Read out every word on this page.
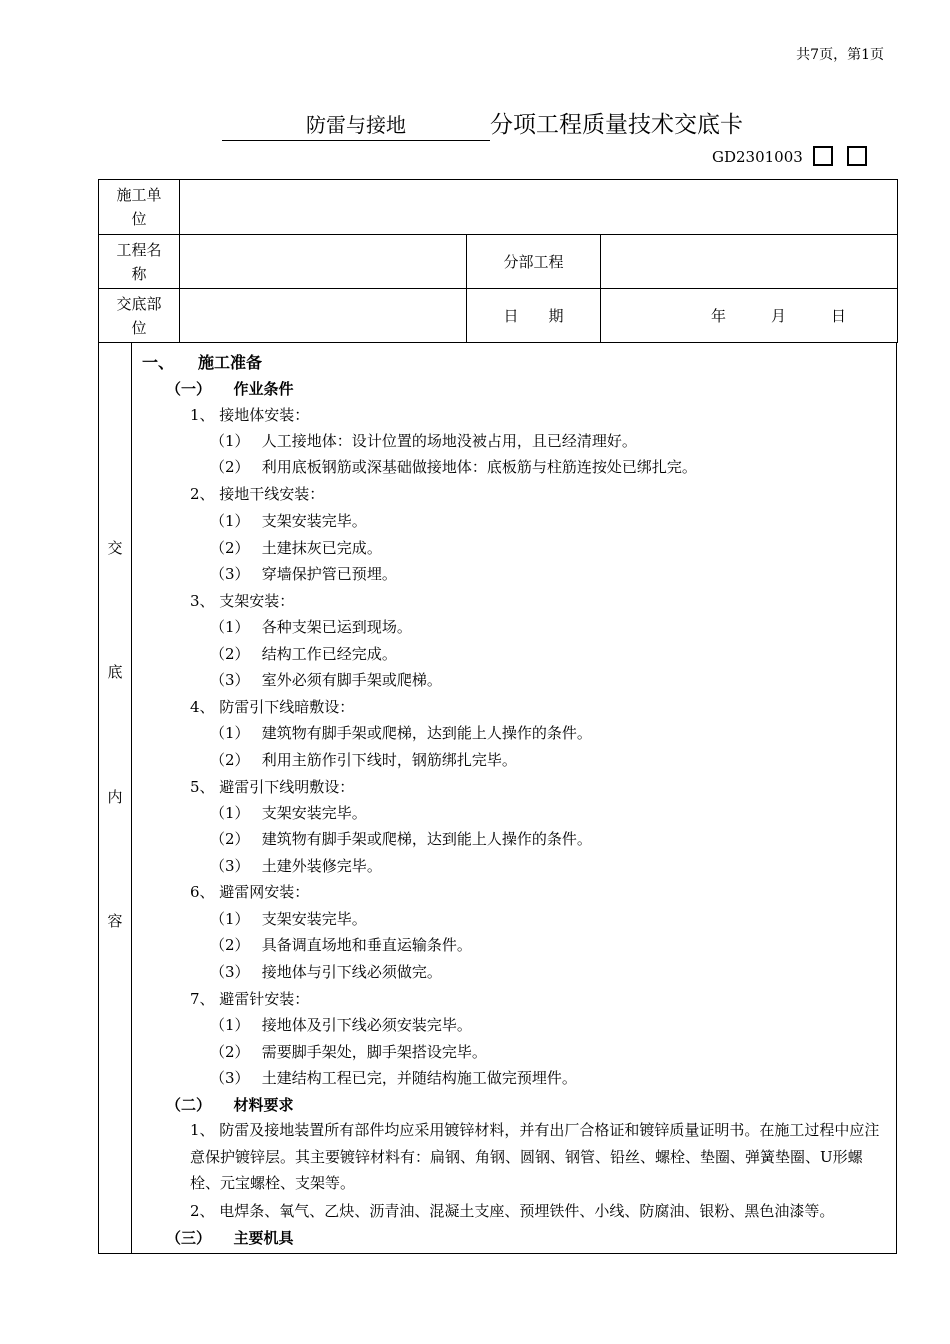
共7页，第1页
防雷与接地	分项工程质量技术交底卡
GD2301003
施工单位			

工程名称		分部工程	

交底部位		日　　期	年　　　月　　　日
交
底
内
容
一、　　施工准备
（一）　　作业条件
1、 接地体安装：
（1）　 人工接地体：设计位置的场地没被占用，且已经清理好。
（2）　 利用底板钢筋或深基础做接地体：底板筋与柱筋连按处已绑扎完。
2、 接地干线安装：
（1）　 支架安装完毕。
（2）　 土建抹灰已完成。
（3）　 穿墙保护管已预埋。
3、 支架安装：
（1）　 各种支架已运到现场。
（2）　 结构工作已经完成。
（3）　 室外必须有脚手架或爬梯。
4、 防雷引下线暗敷设：
（1）　 建筑物有脚手架或爬梯，达到能上人操作的条件。
（2）　 利用主筋作引下线时，钢筋绑扎完毕。
5、 避雷引下线明敷设：
（1）　 支架安装完毕。
（2）　 建筑物有脚手架或爬梯，达到能上人操作的条件。
（3）　 土建外装修完毕。
6、 避雷网安装：
（1）　 支架安装完毕。
（2）　 具备调直场地和垂直运输条件。
（3）　 接地体与引下线必须做完。
7、 避雷针安装：
（1）　 接地体及引下线必须安装完毕。
（2）　 需要脚手架处，脚手架搭设完毕。
（3）　 土建结构工程已完，并随结构施工做完预埋件。
（二）　　材料要求
1、 防雷及接地装置所有部件均应采用镀锌材料，并有出厂合格证和镀锌质量证明书。在施工过程中应注意保护镀锌层。其主要镀锌材料有：扁钢、角钢、圆钢、钢管、铅丝、螺栓、垫圈、弹簧垫圈、U形螺栓、元宝螺栓、支架等。
2、 电焊条、氧气、乙炔、沥青油、混凝土支座、预埋铁件、小线、防腐油、银粉、黑色油漆等。
（三）　　主要机具
